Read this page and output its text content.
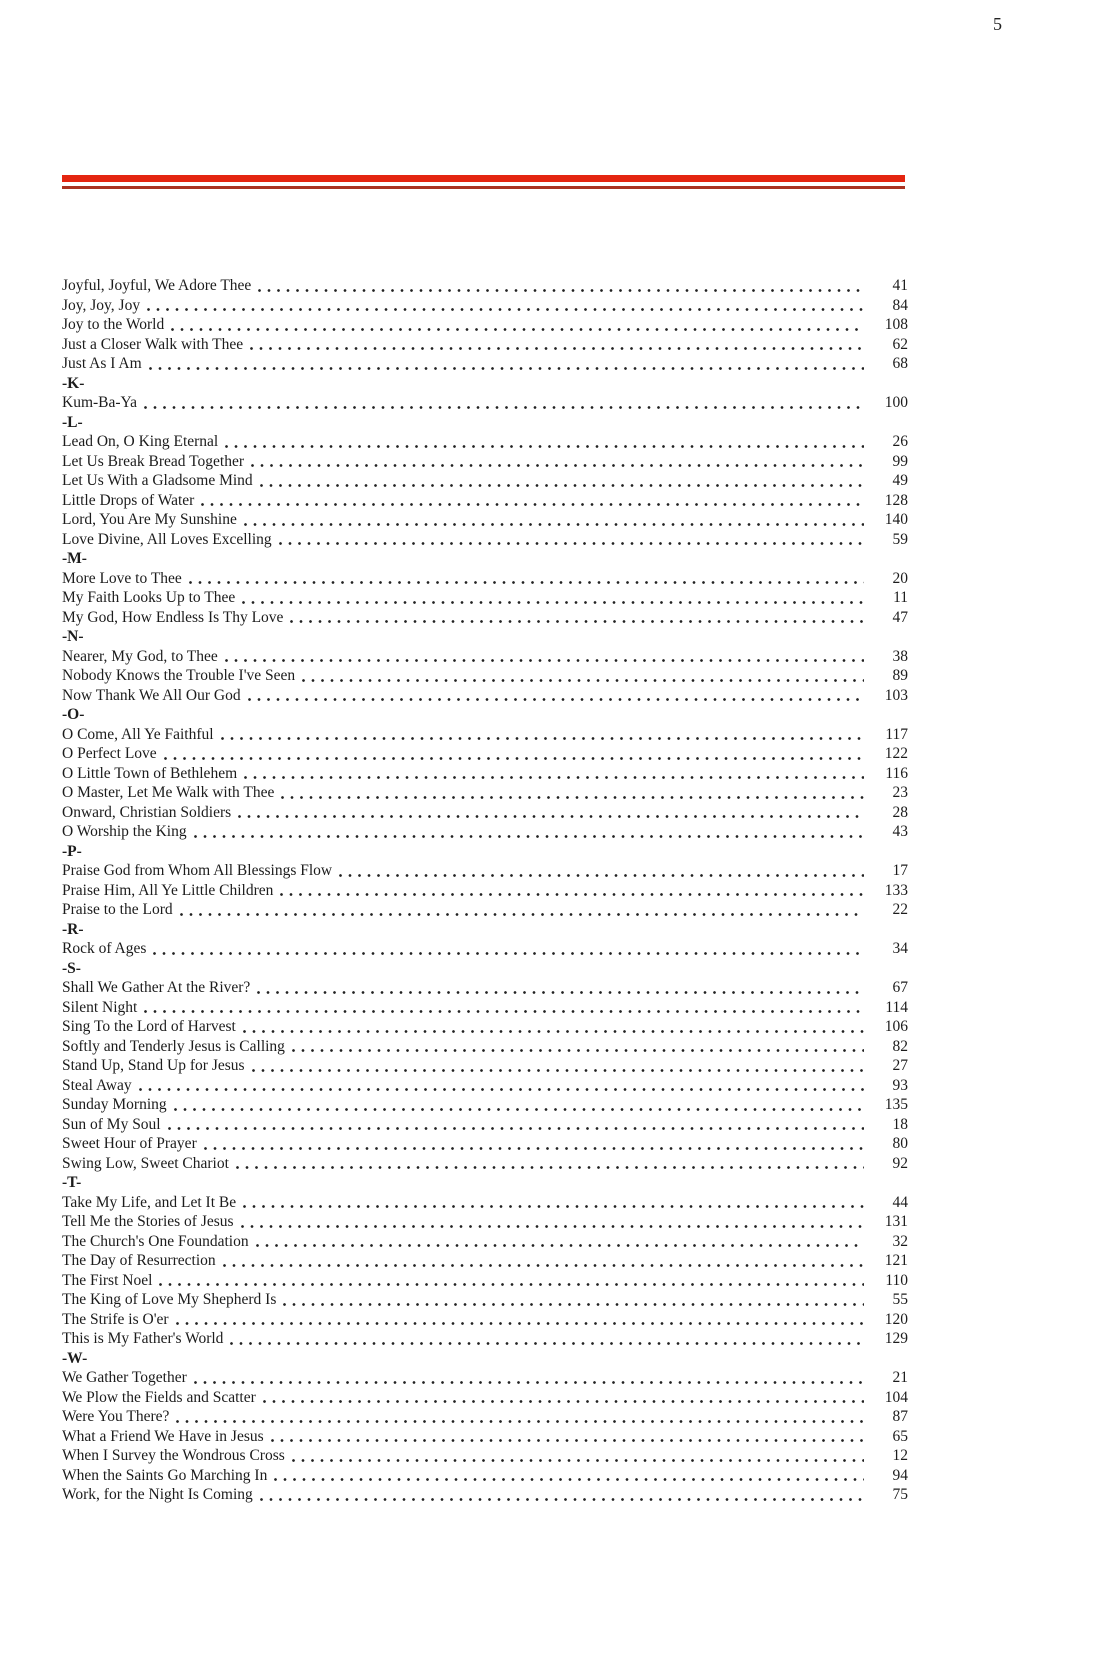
5
Joyful, Joyful, We Adore Thee	41
Joy, Joy, Joy	84
Joy to the World	108
Just a Closer Walk with Thee	62
Just As I Am	68
-K-
Kum-Ba-Ya	100
-L-
Lead On, O King Eternal	26
Let Us Break Bread Together	99
Let Us With a Gladsome Mind	49
Little Drops of Water	128
Lord, You Are My Sunshine	140
Love Divine, All Loves Excelling	59
-M-
More Love to Thee	20
My Faith Looks Up to Thee	11
My God, How Endless Is Thy Love	47
-N-
Nearer, My God, to Thee	38
Nobody Knows the Trouble I've Seen	89
Now Thank We All Our God	103
-O-
O Come, All Ye Faithful	117
O Perfect Love	122
O Little Town of Bethlehem	116
O Master, Let Me Walk with Thee	23
Onward, Christian Soldiers	28
O Worship the King	43
-P-
Praise God from Whom All Blessings Flow	17
Praise Him, All Ye Little Children	133
Praise to the Lord	22
-R-
Rock of Ages	34
-S-
Shall We Gather At the River?	67
Silent Night	114
Sing To the Lord of Harvest	106
Softly and Tenderly Jesus is Calling	82
Stand Up, Stand Up for Jesus	27
Steal Away	93
Sunday Morning	135
Sun of My Soul	18
Sweet Hour of Prayer	80
Swing Low, Sweet Chariot	92
-T-
Take My Life, and Let It Be	44
Tell Me the Stories of Jesus	131
The Church's One Foundation	32
The Day of Resurrection	121
The First Noel	110
The King of Love My Shepherd Is	55
The Strife is O'er	120
This is My Father's World	129
-W-
We Gather Together	21
We Plow the Fields and Scatter	104
Were You There?	87
What a Friend We Have in Jesus	65
When I Survey the Wondrous Cross	12
When the Saints Go Marching In	94
Work, for the Night Is Coming	75
